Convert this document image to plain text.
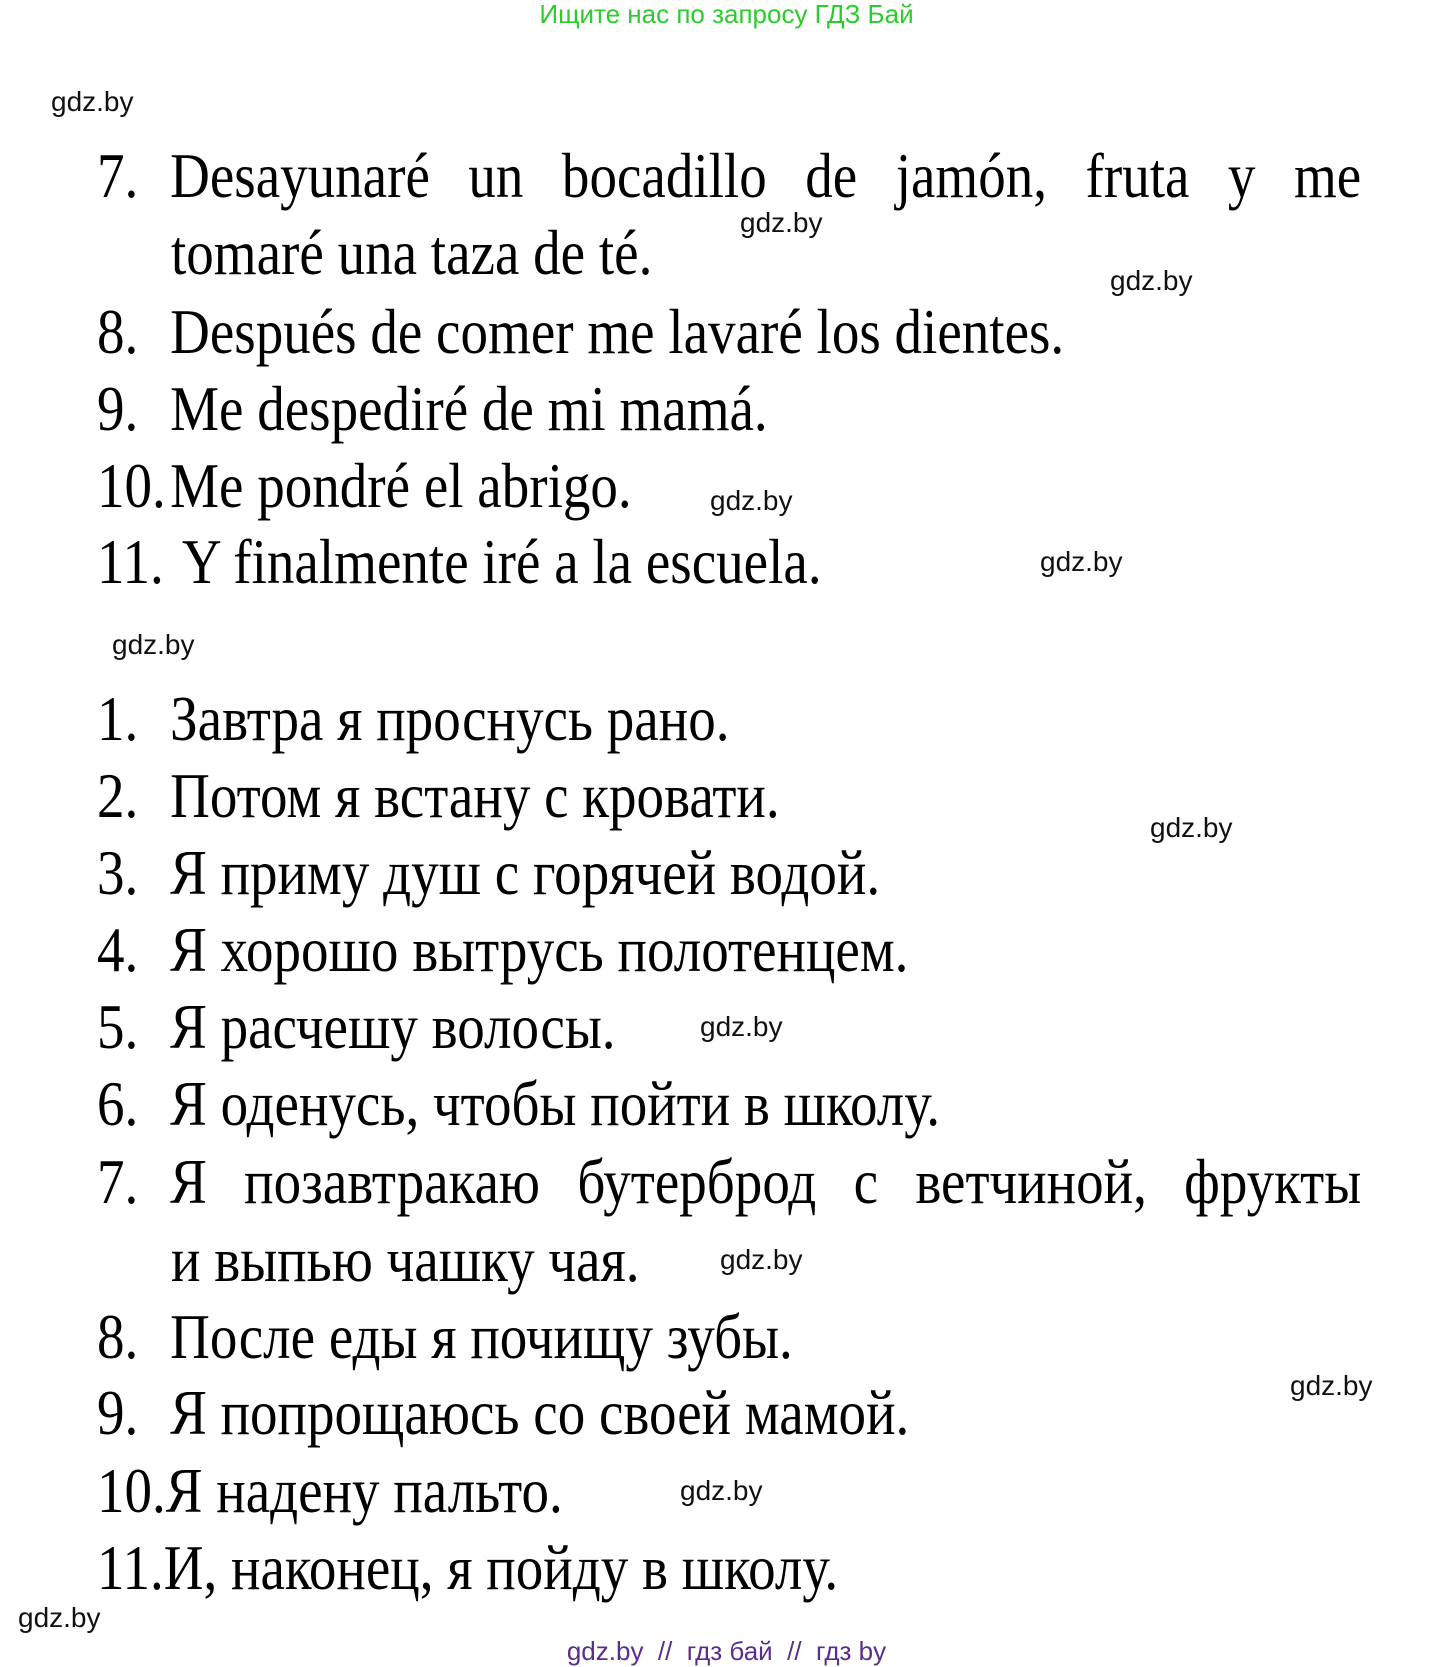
Ищите нас по запросу ГДЗ Бай
7. Desayunaré un bocadillo de jamón, fruta y me
tomaré una taza de té.
8. Después de comer me lavaré los dientes.
9. Me despediré de mi mamá.
10.Me pondré el abrigo.
11. Y finalmente iré a la escuela.
1. Завтра я проснусь рано.
2. Потом я встану с кровати.
3. Я приму душ с горячей водой.
4. Я хорошо вытрусь полотенцем.
5. Я расчешу волосы.
6. Я оденусь, чтобы пойти в школу.
7. Я позавтракаю бутерброд с ветчиной, фрукты
и выпью чашку чая.
8. После еды я почищу зубы.
9. Я попрощаюсь со своей мамой.
10.Я надену пальто.
11.И, наконец, я пойду в школу.
gdz.by
gdz.by
gdz.by
gdz.by
gdz.by
gdz.by
gdz.by
gdz.by
gdz.by
gdz.by
gdz.by
gdz.by
gdz.by  //  гдз бай  //  гдз by
